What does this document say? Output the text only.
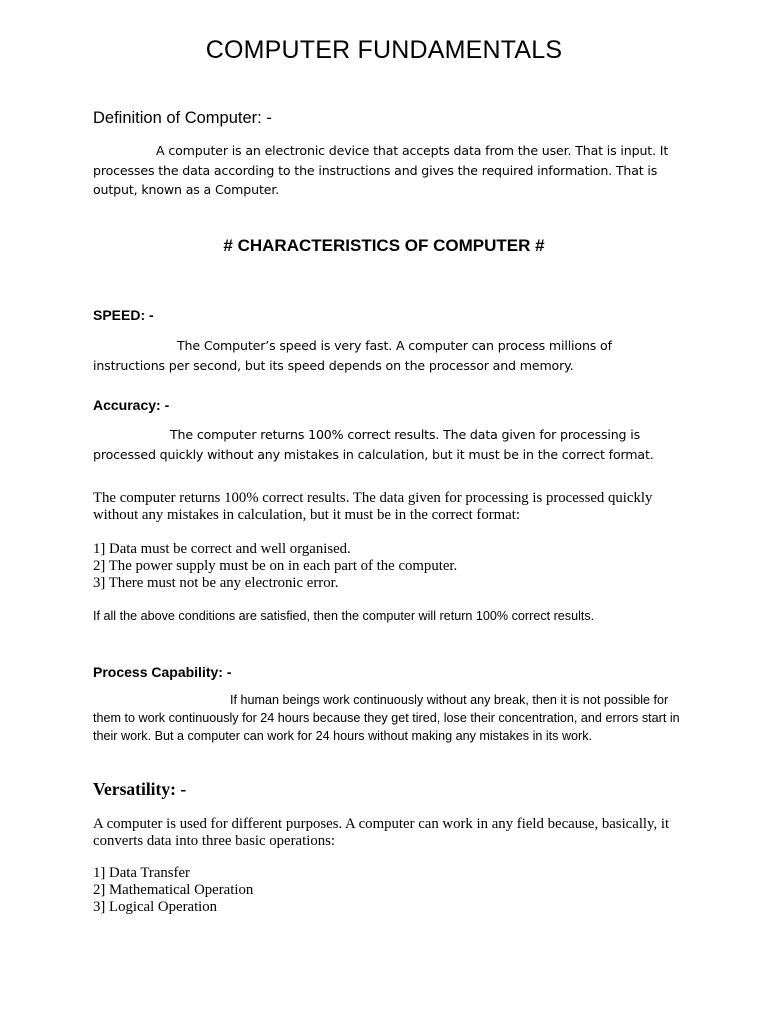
COMPUTER FUNDAMENTALS
Definition of Computer: -

A computer is an electronic device that accepts data from the user. That is input. It processes the data according to the instructions and gives the required information. That is output, known as a Computer.

# CHARACTERISTICS OF COMPUTER #
SPEED: -

The Computer’s speed is very fast. A computer can process millions of instructions per second, but its speed depends on the processor and memory.

Accuracy: -

The computer returns 100% correct results. The data given for processing is processed quickly without any mistakes in calculation, but it must be in the correct format.

The computer returns 100% correct results. The data given for processing is processed quickly without any mistakes in calculation, but it must be in the correct format:

1] Data must be correct and well organised.
2] The power supply must be on in each part of the computer.
3] There must not be any electronic error.

If all the above conditions are satisfied, then the computer will return 100% correct results.

Process Capability: -

If human beings work continuously without any break, then it is not possible for them to work continuously for 24 hours because they get tired, lose their concentration, and errors start in their work. But a computer can work for 24 hours without making any mistakes in its work.

Versatility: -

A computer is used for different purposes. A computer can work in any field because, basically, it converts data into three basic operations:

1] Data Transfer
2] Mathematical Operation
3] Logical Operation
